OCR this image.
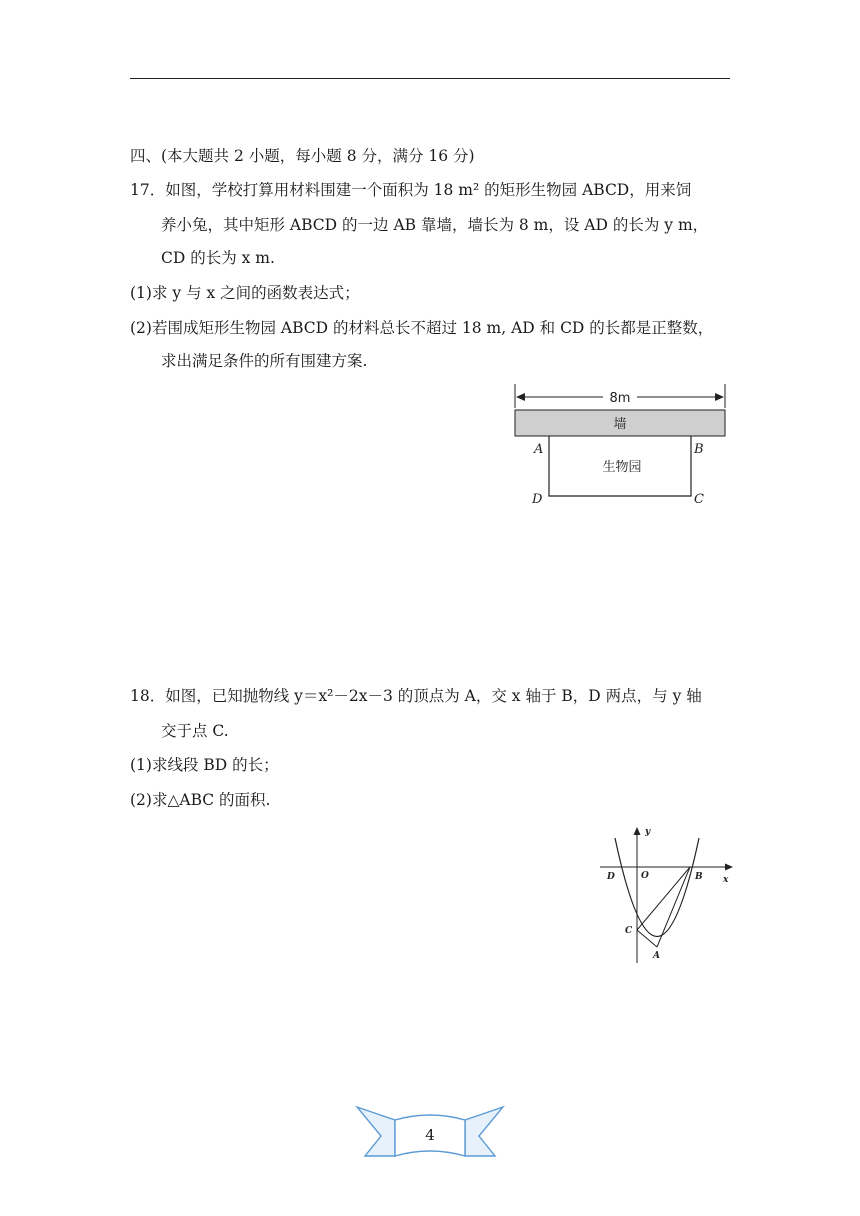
四、(本大题共 2 小题，每小题 8 分，满分 16 分)
17．如图，学校打算用材料围建一个面积为 18 m² 的矩形生物园 ABCD，用来饲
养小兔，其中矩形 ABCD 的一边 AB 靠墙，墙长为 8 m，设 AD 的长为 y m，
CD 的长为 x m.
(1)求 y 与 x 之间的函数表达式；
(2)若围成矩形生物园 ABCD 的材料总长不超过 18 m, AD 和 CD 的长都是正整数，
求出满足条件的所有围建方案.
8m
墙
生物园
A	B
C
D
18．如图，已知抛物线 y＝x²－2x－3 的顶点为 A，交 x 轴于 B，D 两点，与 y 轴
交于点 C.
(1)求线段 BD 的长；
(2)求△ABC 的面积.
y
x
O
D	B
C
A
4
